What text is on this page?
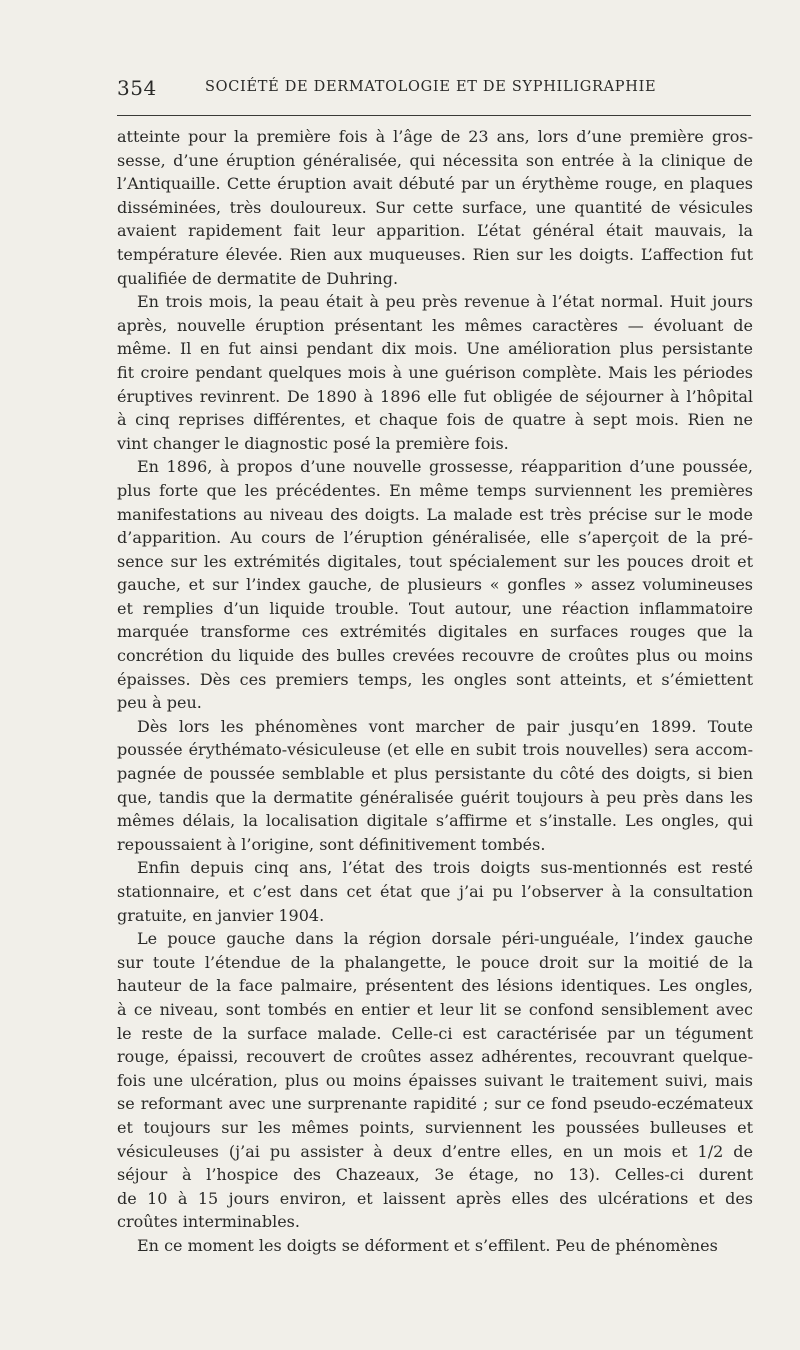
354	SOCIÉTÉ DE DERMATOLOGIE ET DE SYPHILIGRAPHIE
atteinte pour la première fois à l’âge de 23 ans, lors d’une première gros-
sesse, d’une éruption généralisée, qui nécessita son entrée à la clinique de
l’Antiquaille. Cette éruption avait débuté par un érythème rouge, en plaques
disséminées, très douloureux. Sur cette surface, une quantité de vésicules
avaient rapidement fait leur apparition. L’état général était mauvais, la
température élevée. Rien aux muqueuses. Rien sur les doigts. L’affection fut
qualifiée de dermatite de Duhring.
En trois mois, la peau était à peu près revenue à l’état normal. Huit jours
après, nouvelle éruption présentant les mêmes caractères — évoluant de
même. Il en fut ainsi pendant dix mois. Une amélioration plus persistante
fit croire pendant quelques mois à une guérison complète. Mais les périodes
éruptives revinrent. De 1890 à 1896 elle fut obligée de séjourner à l’hôpital
à cinq reprises différentes, et chaque fois de quatre à sept mois. Rien ne
vint changer le diagnostic posé la première fois.
En 1896, à propos d’une nouvelle grossesse, réapparition d’une poussée,
plus forte que les précédentes. En même temps surviennent les premières
manifestations au niveau des doigts. La malade est très précise sur le mode
d’apparition. Au cours de l’éruption généralisée, elle s’aperçoit de la pré-
sence sur les extrémités digitales, tout spécialement sur les pouces droit et
gauche, et sur l’index gauche, de plusieurs « gonfles » assez volumineuses
et remplies d’un liquide trouble. Tout autour, une réaction inflammatoire
marquée transforme ces extrémités digitales en surfaces rouges que la
concrétion du liquide des bulles crevées recouvre de croûtes plus ou moins
épaisses. Dès ces premiers temps, les ongles sont atteints, et s’émiettent
peu à peu.
Dès lors les phénomènes vont marcher de pair jusqu’en 1899. Toute
poussée érythémato-vésiculeuse (et elle en subit trois nouvelles) sera accom-
pagnée de poussée semblable et plus persistante du côté des doigts, si bien
que, tandis que la dermatite généralisée guérit toujours à peu près dans les
mêmes délais, la localisation digitale s’affirme et s’installe. Les ongles, qui
repoussaient à l’origine, sont définitivement tombés.
Enfin depuis cinq ans, l’état des trois doigts sus-mentionnés est resté
stationnaire, et c’est dans cet état que j’ai pu l’observer à la consultation
gratuite, en janvier 1904.
Le pouce gauche dans la région dorsale péri-unguéale, l’index gauche
sur toute l’étendue de la phalangette, le pouce droit sur la moitié de la
hauteur de la face palmaire, présentent des lésions identiques. Les ongles,
à ce niveau, sont tombés en entier et leur lit se confond sensiblement avec
le reste de la surface malade. Celle-ci est caractérisée par un tégument
rouge, épaissi, recouvert de croûtes assez adhérentes, recouvrant quelque-
fois une ulcération, plus ou moins épaisses suivant le traitement suivi, mais
se reformant avec une surprenante rapidité ; sur ce fond pseudo-eczémateux
et toujours sur les mêmes points, surviennent les poussées bulleuses et
vésiculeuses (j’ai pu assister à deux d’entre elles, en un mois et 1/2 de
séjour à l’hospice des Chazeaux, 3e étage, no 13). Celles-ci durent
de 10 à 15 jours environ, et laissent après elles des ulcérations et des
croûtes interminables.
En ce moment les doigts se déforment et s’effilent. Peu de phénomènes
